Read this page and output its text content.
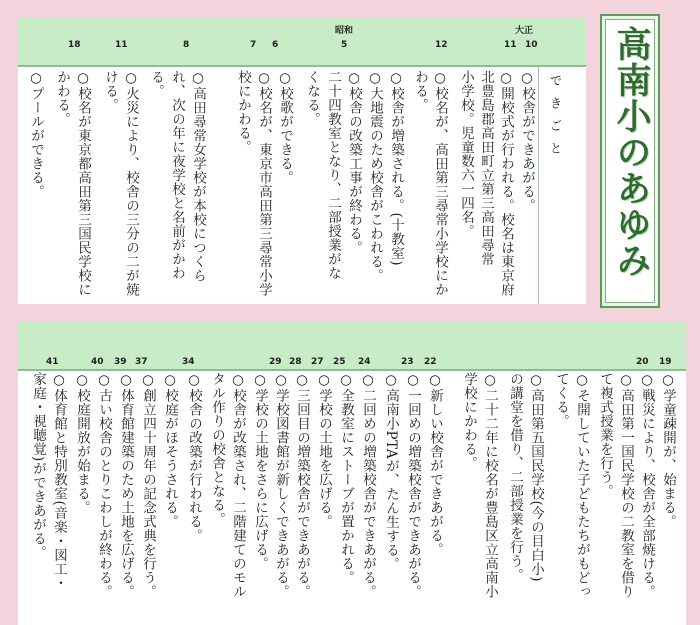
大正
昭和
10
11
12
5
6
7
8
11
18
できごと
○校舎ができあがる。
○開校式が行われる。校名は東京府
北豊島郡高田町立第三高田尋常
小学校。児童数六一四名。
○校名が、高田第三尋常小学校にか
わる。
○校舎が増築される。(十教室)
○大地震のため校舎がこわれる。
○校舎の改築工事が終わる。
二十四教室となり、二部授業がな
くなる。
○校歌ができる。
○校名が、東京市高田第三尋常小学
校にかわる。
○高田尋常女学校が本校につくら
れ、次の年に夜学校と名前がかわ
る。
○火災により、校舎の三分の二が焼
ける。
○校名が東京都高田第三国民学校に
かわる。
○プールができる。	高南小のあゆみ
19
20
22
23
24
25
27
28
29
34
37
39
40
41
○学童疎開が、始まる。
○戦災により、校舎が全部焼ける。
○高田第一国民学校の二教室を借り
て複式授業を行う。
○そ開していた子どもたちがもどっ
てくる。
○高田第五国民学校(今の目白小)
の講堂を借り、二部授業を行う。
○二十二年に校名が豊島区立高南小
学校にかわる。
○新しい校舎ができあがる。
○一回めの増築校舎ができあがる。
○高南小PTAが、たん生する。
○二回めの増築校舎ができあがる。
○全教室にストーブが置かれる。
○学校の土地を広げる。
○三回目の増築校舎ができあがる。
○学校図書館が新しくできあがる。
○学校の土地をさらに広げる。
○校舎が改築され、二階建てのモル
タル作りの校舎となる。
○校舎の改築が行われる。
○校庭がほそうされる。
○創立四十周年の記念式典を行う。
○体育館建築のため土地を広げる。
○古い校舎のとりこわしが終わる。
○校庭開放が始まる。
○体育館と特別教室(音楽・図工・
家庭・視聴覚)ができあがる。
